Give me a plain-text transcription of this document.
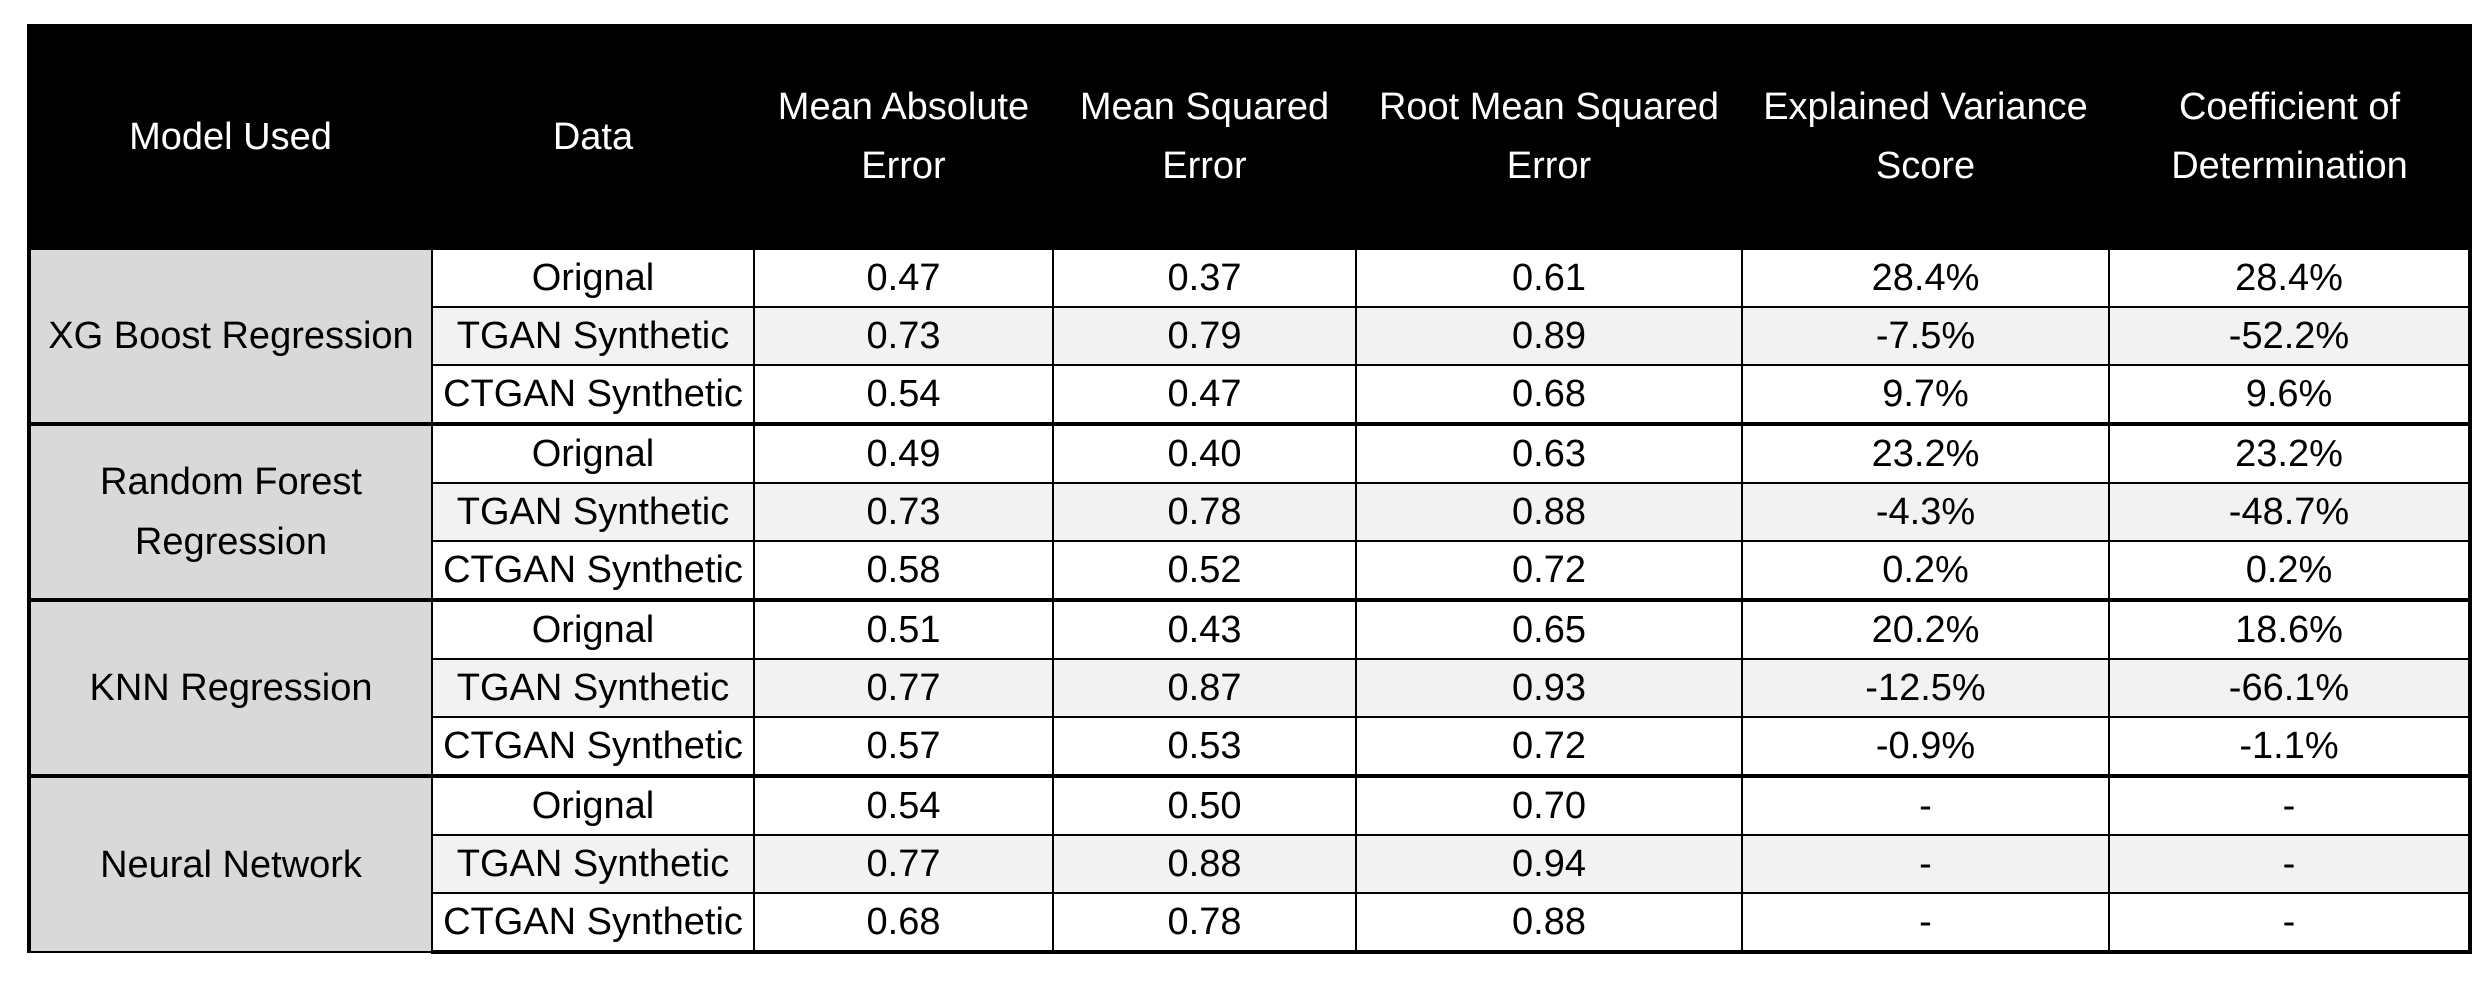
Model Used	Data	Mean Absolute Error	Mean Squared Error	Root Mean Squared Error	Explained Variance Score	Coefficient of Determination
XG Boost Regression	Orignal	0.47	0.37	0.61	28.4%	28.4%
	TGAN Synthetic	0.73	0.79	0.89	-7.5%	-52.2%
	CTGAN Synthetic	0.54	0.47	0.68	9.7%	9.6%
Random Forest Regression	Orignal	0.49	0.40	0.63	23.2%	23.2%
	TGAN Synthetic	0.73	0.78	0.88	-4.3%	-48.7%
	CTGAN Synthetic	0.58	0.52	0.72	0.2%	0.2%
KNN Regression	Orignal	0.51	0.43	0.65	20.2%	18.6%
	TGAN Synthetic	0.77	0.87	0.93	-12.5%	-66.1%
	CTGAN Synthetic	0.57	0.53	0.72	-0.9%	-1.1%
Neural Network	Orignal	0.54	0.50	0.70	-	-
	TGAN Synthetic	0.77	0.88	0.94	-	-
	CTGAN Synthetic	0.68	0.78	0.88	-	-
